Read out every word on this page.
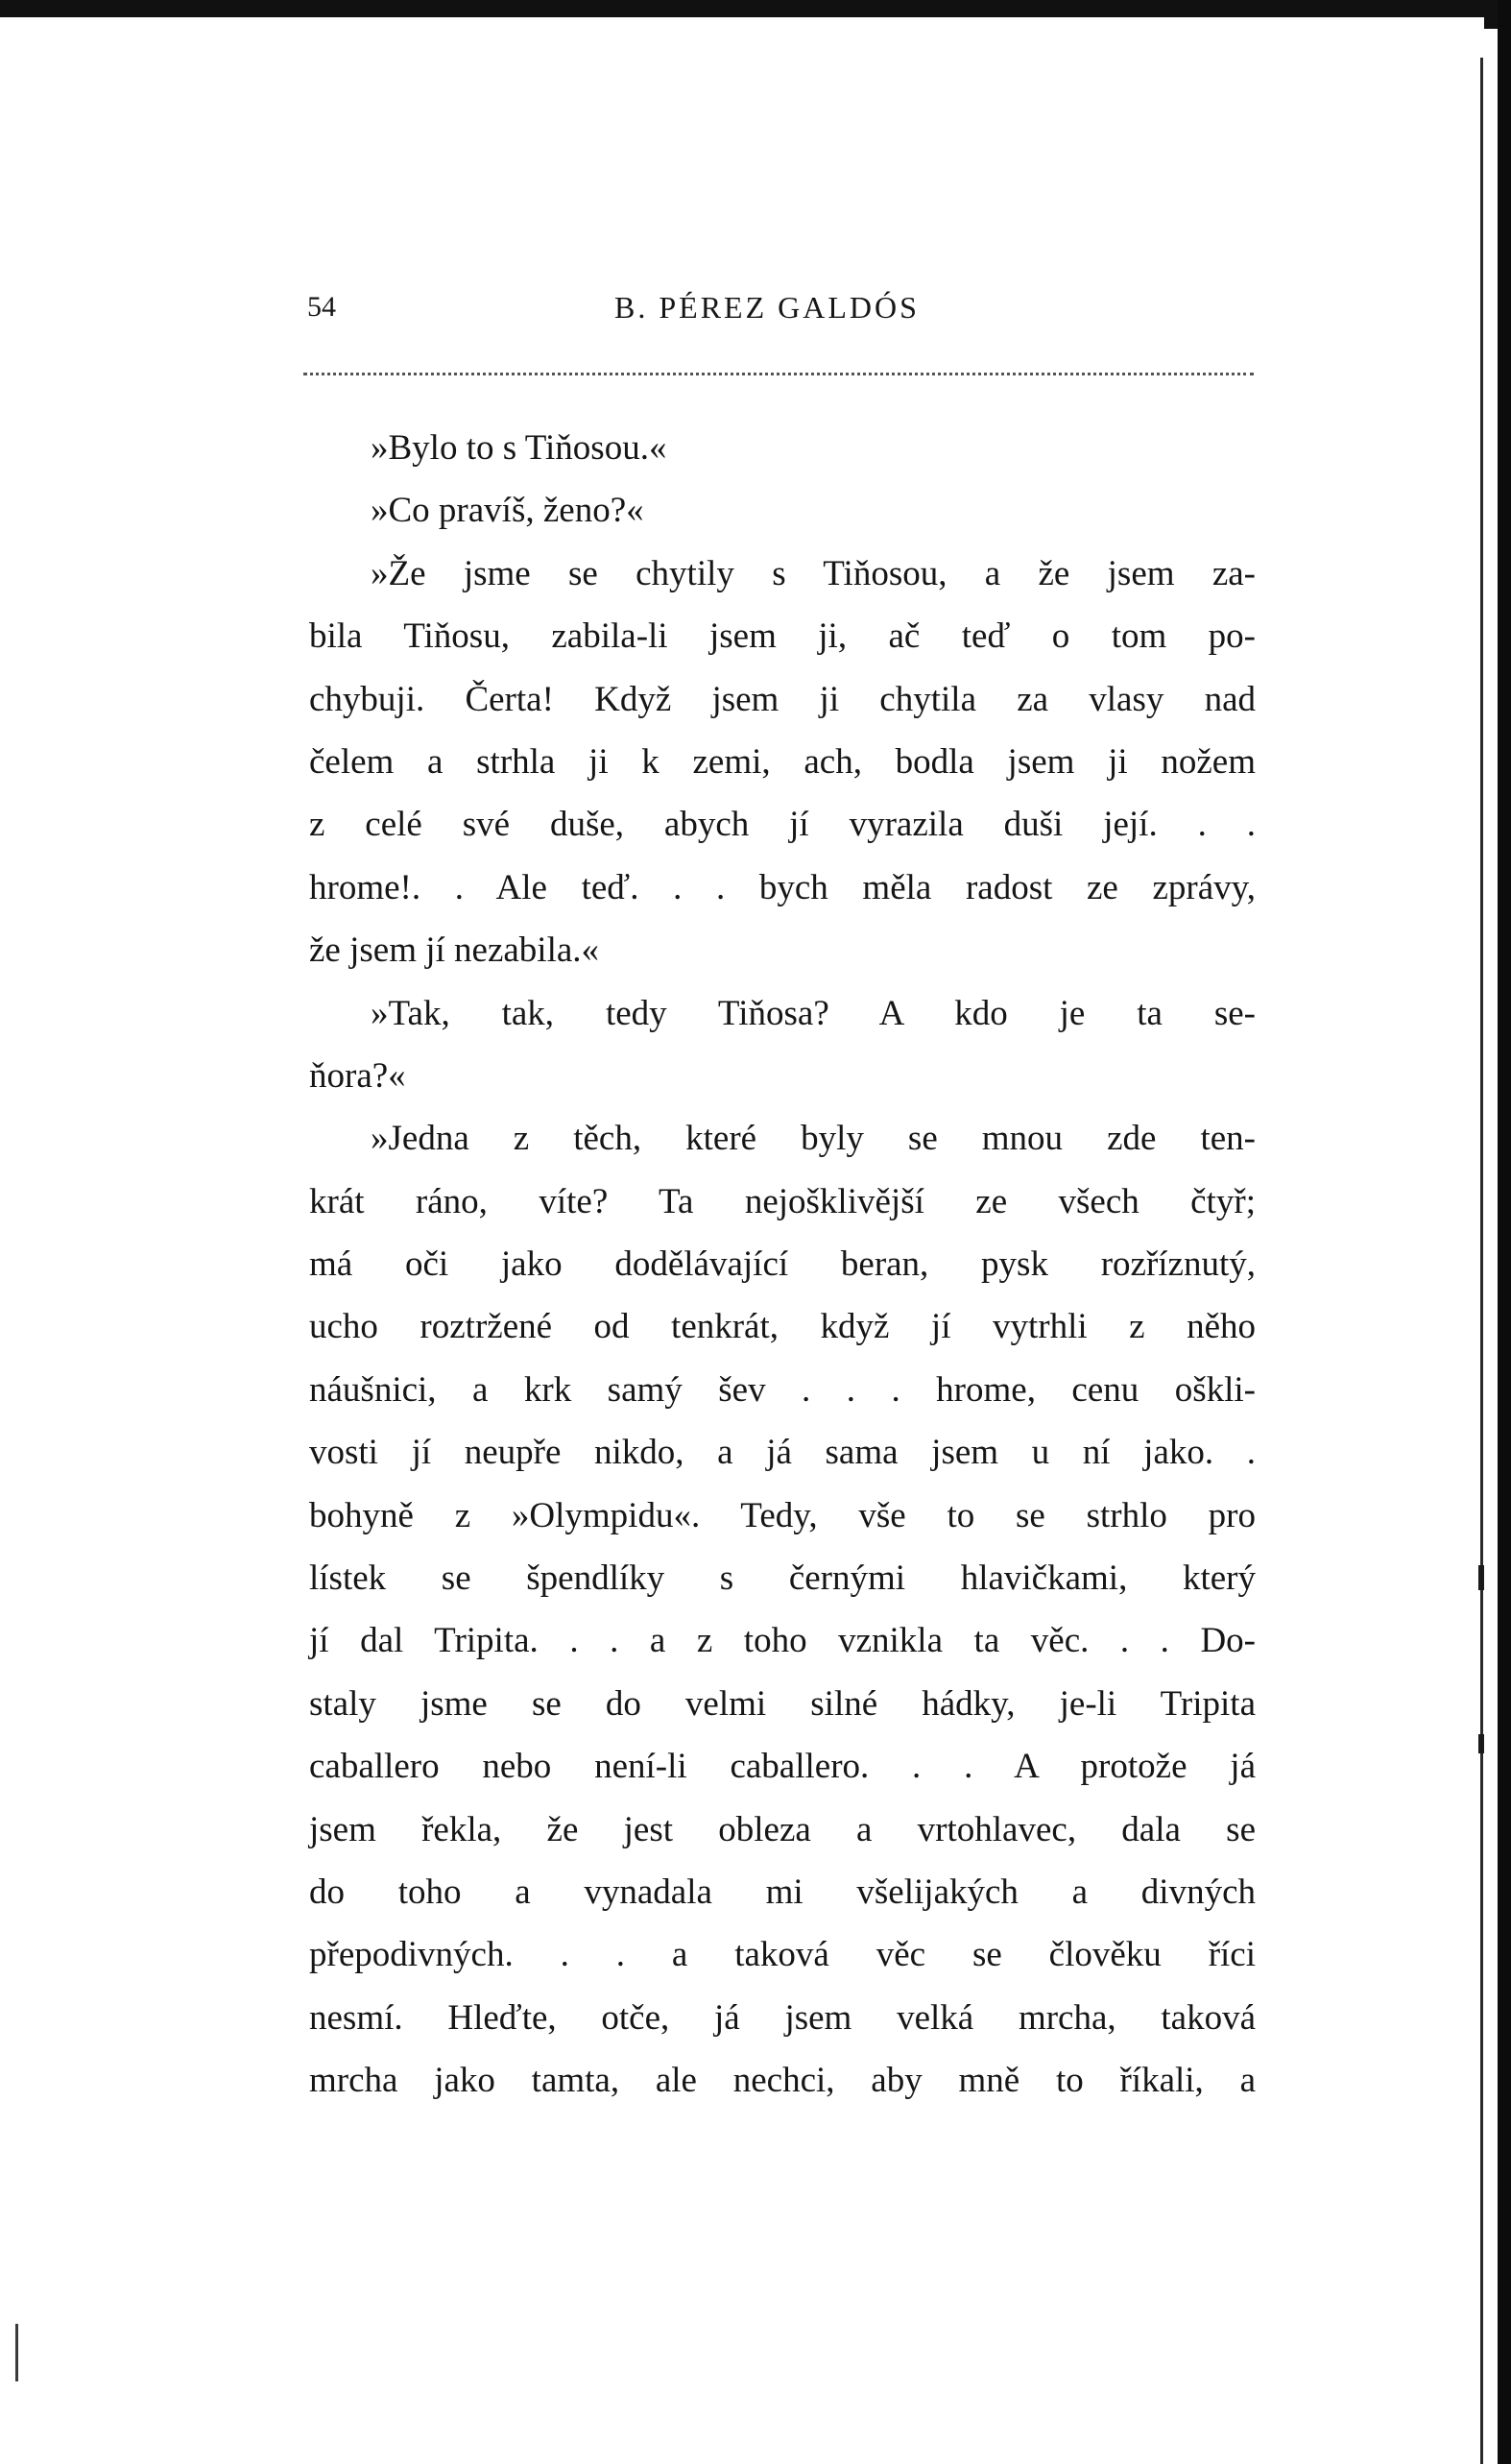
54	B. PÉREZ GALDÓS
»Bylo to s Tiňosou.«
»Co pravíš, ženo?«
»Že jsme se chytily s Tiňosou, a že jsem za-
bila Tiňosu, zabila-li jsem ji, ač teď o tom po-
chybuji. Čerta! Když jsem ji chytila za vlasy nad
čelem a strhla ji k zemi, ach, bodla jsem ji nožem
z celé své duše, abych jí vyrazila duši její. . .
hrome!. . Ale teď. . . bych měla radost ze zprávy,
že jsem jí nezabila.«
»Tak, tak, tedy Tiňosa? A kdo je ta se-
ňora?«
»Jedna z těch, které byly se mnou zde ten-
krát ráno, víte? Ta nejošklivější ze všech čtyř;
má oči jako dodělávající beran, pysk rozříznutý,
ucho roztržené od tenkrát, když jí vytrhli z něho
náušnici, a krk samý šev . . . hrome, cenu oškli-
vosti jí neupře nikdo, a já sama jsem u ní jako. .
bohyně z »Olympidu«. Tedy, vše to se strhlo pro
lístek se špendlíky s černými hlavičkami, který
jí dal Tripita. . . a z toho vznikla ta věc. . . Do-
staly jsme se do velmi silné hádky, je-li Tripita
caballero nebo není-li caballero. . . A protože já
jsem řekla, že jest obleza a vrtohlavec, dala se
do toho a vynadala mi všelijakých a divných
přepodivných. . . a taková věc se člověku říci
nesmí. Hleďte, otče, já jsem velká mrcha, taková
mrcha jako tamta, ale nechci, aby mně to říkali, a
